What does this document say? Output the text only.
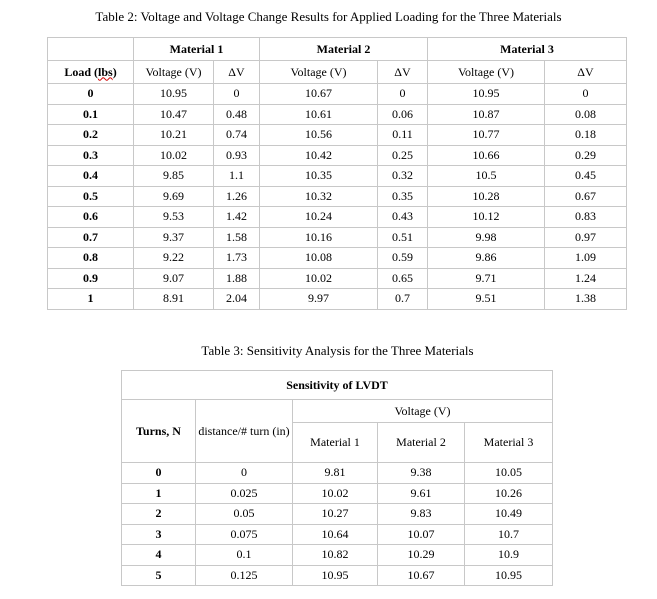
Table 2: Voltage and Voltage Change Results for Applied Loading for the Three Materials
	Material 1		Material 2		Material 3	
Load (lbs)	Voltage (V)	ΔV	Voltage (V)	ΔV	Voltage (V)	ΔV
0	10.95	0	10.67	0	10.95	0
0.1	10.47	0.48	10.61	0.06	10.87	0.08
0.2	10.21	0.74	10.56	0.11	10.77	0.18
0.3	10.02	0.93	10.42	0.25	10.66	0.29
0.4	9.85	1.1	10.35	0.32	10.5	0.45
0.5	9.69	1.26	10.32	0.35	10.28	0.67
0.6	9.53	1.42	10.24	0.43	10.12	0.83
0.7	9.37	1.58	10.16	0.51	9.98	0.97
0.8	9.22	1.73	10.08	0.59	9.86	1.09
0.9	9.07	1.88	10.02	0.65	9.71	1.24
1	8.91	2.04	9.97	0.7	9.51	1.38
Table 3: Sensitivity Analysis for the Three Materials
Sensitivity of LVDT				
Turns, N	distance/# turn (in)	Voltage (V)		
		Material 1	Material 2	Material 3
0	0	9.81	9.38	10.05
1	0.025	10.02	9.61	10.26
2	0.05	10.27	9.83	10.49
3	0.075	10.64	10.07	10.7
4	0.1	10.82	10.29	10.9
5	0.125	10.95	10.67	10.95
